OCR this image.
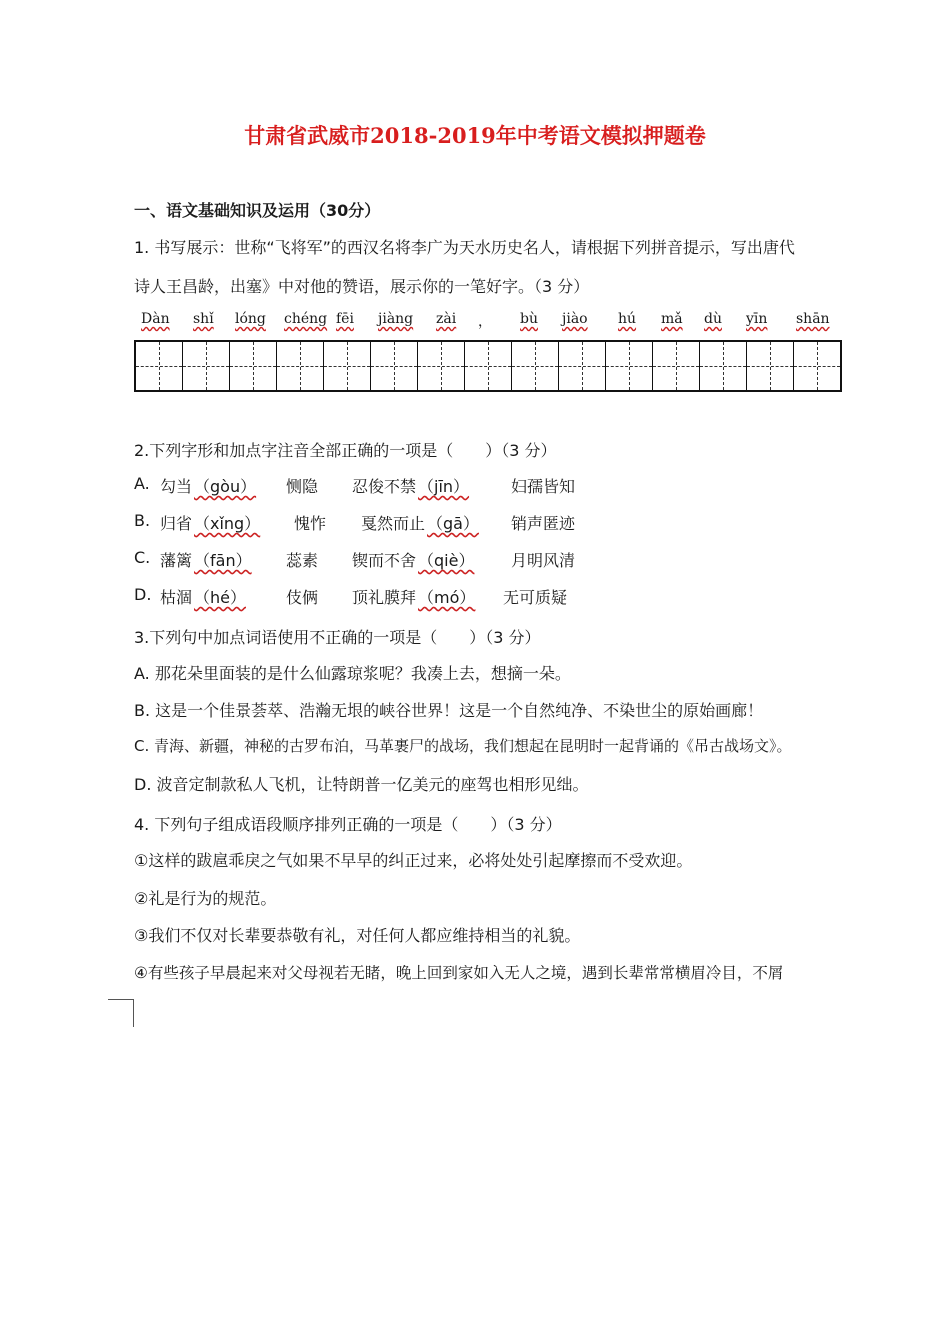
甘肃省武威市2018-2019年中考语文模拟押题卷
一、语文基础知识及运用（30分）
1. 书写展示：世称“飞将军”的西汉名将李广为天水历史名人，请根据下列拼音提示，写出唐代
诗人王昌龄，出塞》中对他的赞语，展示你的一笔好字。（3 分）
Dàn shǐ lóng chéng fēi jiàng zài ， bù jiào hú mǎ dù yīn shān
2.下列字形和加点字注音全部正确的一项是（　　）（3 分）
A. 勾当 （gòu） 恻隐 忍俊不禁 （jīn）	妇孺皆知
B. 归省 （xǐng） 愧怍 戛然而止 （gā） 销声匿迹
C. 藩篱 （fān） 蕊素 锲而不舍 （qiè） 月明风清
D. 枯涸 （hé）	伎俩 顶礼膜拜 （mó） 无可质疑
3.下列句中加点词语使用不正确的一项是（　　）（3 分）
A. 那花朵里面装的是什么仙露琼浆呢？我凑上去，想摘一朵。
B. 这是一个佳景荟萃、浩瀚无垠的峡谷世界！这是一个自然纯净、不染世尘的原始画廊！
C. 青海、新疆，神秘的古罗布泊，马革裹尸的战场，我们想起在昆明时一起背诵的《吊古战场文》。
D. 波音定制款私人飞机，让特朗普一亿美元的座驾也相形见绌。
4. 下列句子组成语段顺序排列正确的一项是（　　）（3 分）
①这样的跋扈乖戾之气如果不早早的纠正过来，必将处处引起摩擦而不受欢迎。
②礼是行为的规范。
③我们不仅对长辈要恭敬有礼，对任何人都应维持相当的礼貌。
④有些孩子早晨起来对父母视若无睹，晚上回到家如入无人之境，遇到长辈常常横眉冷目，不屑
